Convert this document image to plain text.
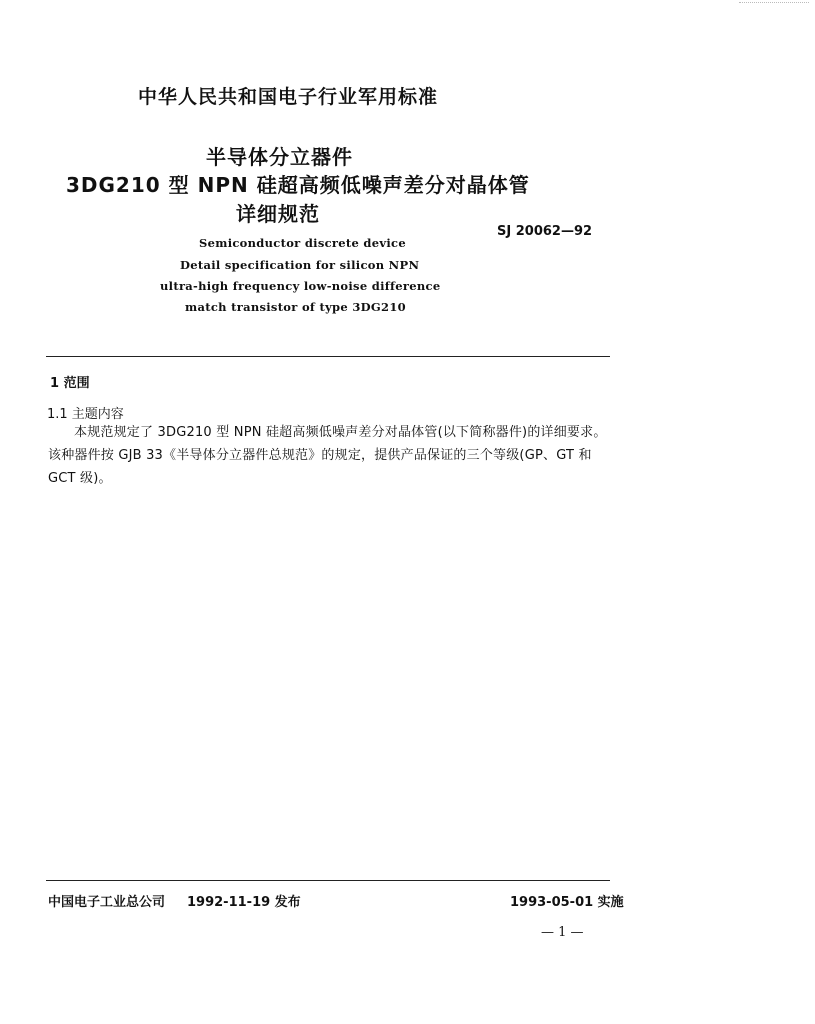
中华人民共和国电子行业军用标准
半导体分立器件
3DG210 型 NPN 硅超高频低噪声差分对晶体管
详细规范
SJ 20062—92
Semiconductor discrete device
Detail specification for silicon NPN
ultra-high frequency low-noise difference
match transistor of type 3DG210
1 范围
1.1 主题内容
本规范规定了 3DG210 型 NPN 硅超高频低噪声差分对晶体管(以下简称器件)的详细要求。该种器件按 GJB 33《半导体分立器件总规范》的规定，提供产品保证的三个等级(GP、GT 和 GCT 级)。
中国电子工业总公司 1992-11-19 发布	1993-05-01 实施
— 1 —
